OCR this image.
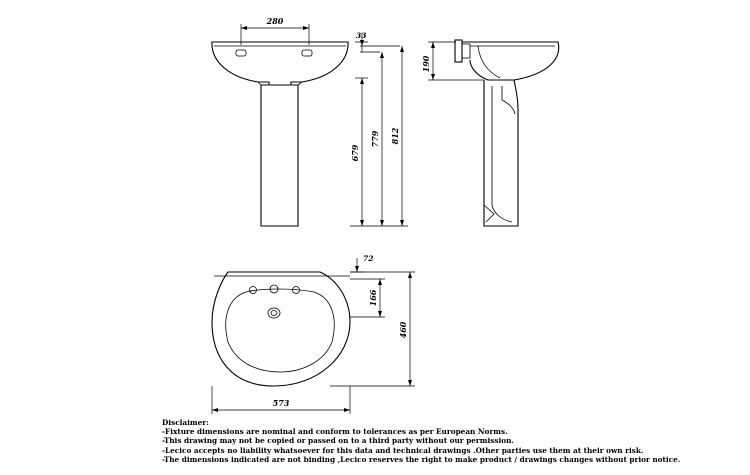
280
33
679
779 812
190
72
166
460
573
Disclaimer:
-Fixture dimensions are nominal and conform to tolerances as per European Norms.
-This drawing may not be copied or passed on to a third party without our permission.
-Lecico accepts no liability whatsoever for this data and technical drawings .Other parties use them at their own risk.
-The dimensions indicated are not binding ,Lecico reserves the right to make product / drawings changes without prior notice.
